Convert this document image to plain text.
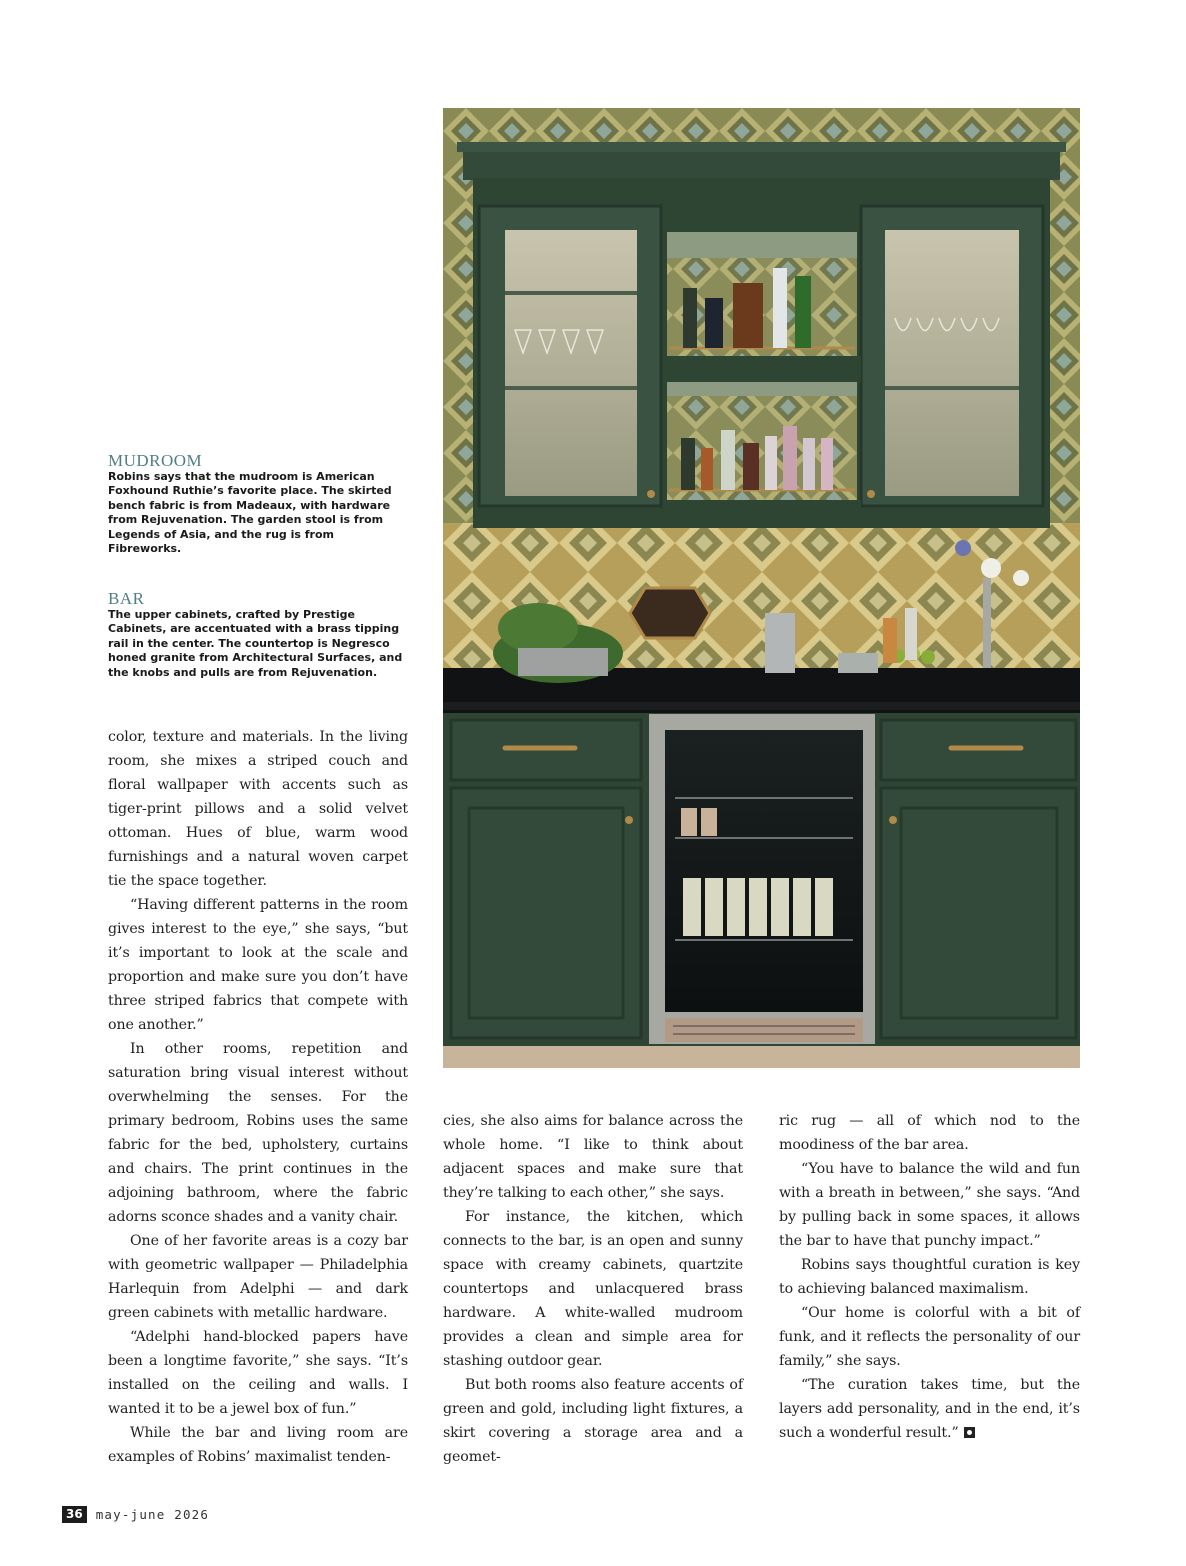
MUDROOM

Robins says that the mudroom is American Foxhound Ruthie’s favorite place. The skirted bench fabric is from Madeaux, with hardware from Rejuvenation. The garden stool is from Legends of Asia, and the rug is from Fibreworks.

BAR

The upper cabinets, crafted by Prestige Cabinets, are accentuated with a brass tipping rail in the center. The countertop is Negresco honed granite from Architectural Surfaces, and the knobs and pulls are from Rejuvenation.

color, texture and materials. In the living room, she mixes a striped couch and floral wallpaper with accents such as tiger-print pillows and a solid velvet ottoman. Hues of blue, warm wood furnishings and a natural woven carpet tie the space together.

“Having different patterns in the room gives interest to the eye,” she says, “but it’s important to look at the scale and proportion and make sure you don’t have three striped fabrics that compete with one another.”

In other rooms, repetition and saturation bring visual interest without overwhelming the senses. For the primary bedroom, Robins uses the same fabric for the bed, upholstery, curtains and chairs. The print continues in the adjoining bathroom, where the fabric adorns sconce shades and a vanity chair.

One of her favorite areas is a cozy bar with geometric wallpaper — Philadelphia Harlequin from Adelphi — and dark green cabinets with metallic hardware.

“Adelphi hand-blocked papers have been a longtime favorite,” she says. “It’s installed on the ceiling and walls. I wanted it to be a jewel box of fun.”

While the bar and living room are examples of Robins’ maximalist tenden-

cies, she also aims for balance across the whole home. “I like to think about adjacent spaces and make sure that they’re talking to each other,” she says.

For instance, the kitchen, which connects to the bar, is an open and sunny space with creamy cabinets, quartzite countertops and unlacquered brass hardware. A white-walled mudroom provides a clean and simple area for stashing outdoor gear.

But both rooms also feature accents of green and gold, including light fixtures, a skirt covering a storage area and a geomet-

ric rug — all of which nod to the moodiness of the bar area.

“You have to balance the wild and fun with a breath in between,” she says. “And by pulling back in some spaces, it allows the bar to have that punchy impact.”

Robins says thoughtful curation is key to achieving balanced maximalism.

“Our home is colorful with a bit of funk, and it reflects the personality of our family,” she says.

“The curation takes time, but the layers add personality, and in the end, it’s such a wonderful result.”

36	may-june 2026
